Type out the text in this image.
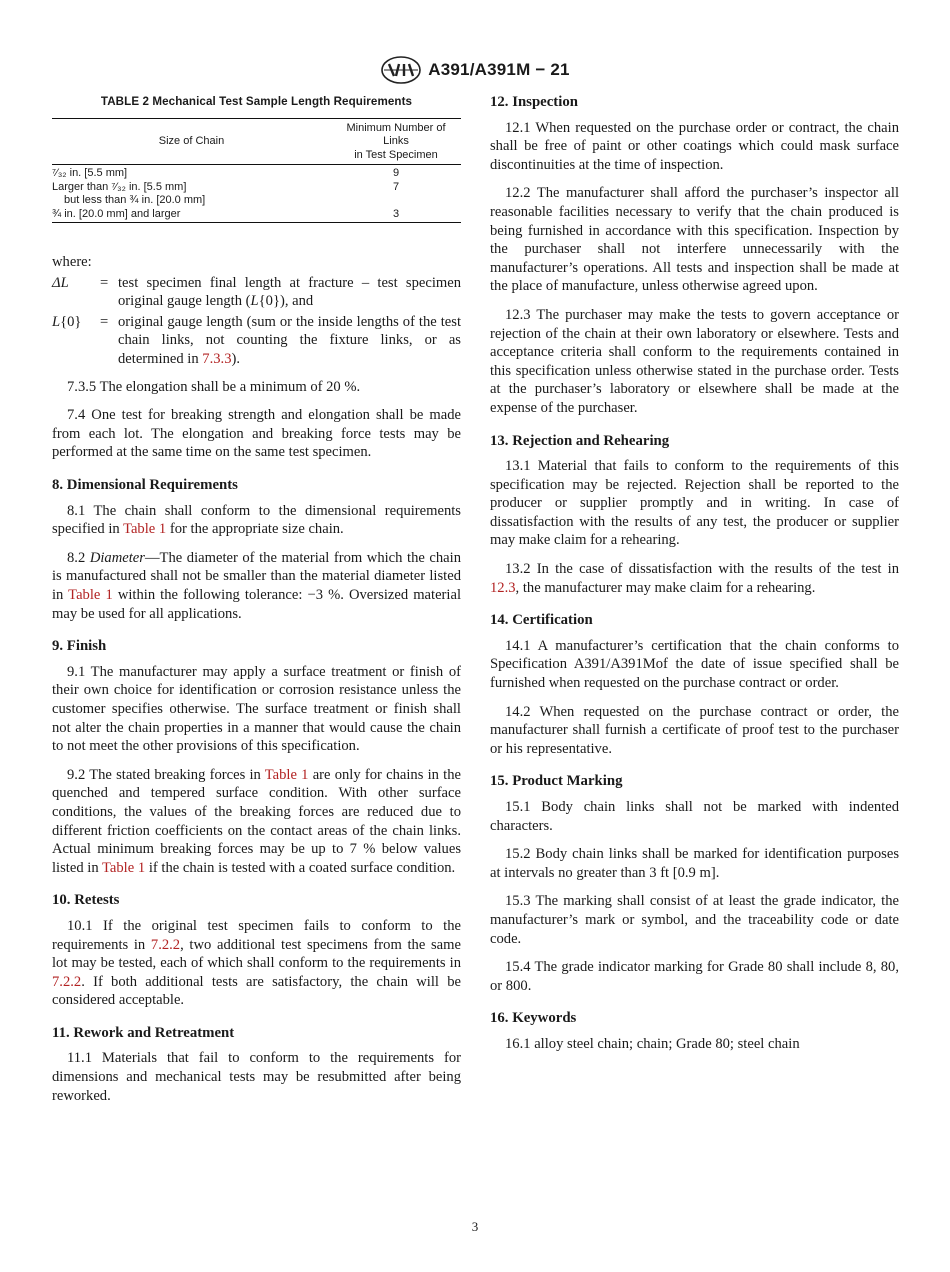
A391/A391M − 21
TABLE 2 Mechanical Test Sample Length Requirements
Size of Chain	Minimum Number of
Links
in Test Specimen
⁷⁄₃₂ in. [5.5 mm]	9
Larger than ⁷⁄₃₂ in. [5.5 mm]
but less than ¾ in. [20.0 mm]	7
¾ in. [20.0 mm] and larger	3

where:

ΔL	= test specimen final length at fracture – test specimen original gauge length (L{0}), and
L{0}	= original gauge length (sum or the inside lengths of the test chain links, not counting the fixture links, or as determined in 7.3.3).

7.3.5 The elongation shall be a minimum of 20 %.

7.4 One test for breaking strength and elongation shall be made from each lot. The elongation and breaking force tests may be performed at the same time on the same test specimen.

8. Dimensional Requirements

8.1 The chain shall conform to the dimensional requirements specified in Table 1 for the appropriate size chain.

8.2 Diameter—The diameter of the material from which the chain is manufactured shall not be smaller than the material diameter listed in Table 1 within the following tolerance: −3 %. Oversized material may be used for all applications.

9. Finish

9.1 The manufacturer may apply a surface treatment or finish of their own choice for identification or corrosion resistance unless the customer specifies otherwise. The surface treatment or finish shall not alter the chain properties in a manner that would cause the chain to not meet the other provisions of this specification.

9.2 The stated breaking forces in Table 1 are only for chains in the quenched and tempered surface condition. With other surface conditions, the values of the breaking forces are reduced due to different friction coefficients on the contact areas of the chain links. Actual minimum breaking forces may be up to 7 % below values listed in Table 1 if the chain is tested with a coated surface condition.

10. Retests

10.1 If the original test specimen fails to conform to the requirements in 7.2.2, two additional test specimens from the same lot may be tested, each of which shall conform to the requirements in 7.2.2. If both additional tests are satisfactory, the chain will be considered acceptable.

11. Rework and Retreatment

11.1 Materials that fail to conform to the requirements for dimensions and mechanical tests may be resubmitted after being reworked.

12. Inspection

12.1 When requested on the purchase order or contract, the chain shall be free of paint or other coatings which could mask surface discontinuities at the time of inspection.

12.2 The manufacturer shall afford the purchaser’s inspector all reasonable facilities necessary to verify that the chain produced is being furnished in accordance with this specification. Inspection by the purchaser shall not interfere unnecessarily with the manufacturer’s operations. All tests and inspection shall be made at the place of manufacture, unless otherwise agreed upon.

12.3 The purchaser may make the tests to govern acceptance or rejection of the chain at their own laboratory or elsewhere. Tests and acceptance criteria shall conform to the requirements contained in this specification unless otherwise stated in the purchase order. Tests at the purchaser’s laboratory or elsewhere shall be made at the expense of the purchaser.

13. Rejection and Rehearing

13.1 Material that fails to conform to the requirements of this specification may be rejected. Rejection shall be reported to the producer or supplier promptly and in writing. In case of dissatisfaction with the results of any test, the producer or supplier may make claim for a rehearing.

13.2 In the case of dissatisfaction with the results of the test in 12.3, the manufacturer may make claim for a rehearing.

14. Certification

14.1 A manufacturer’s certification that the chain conforms to Specification A391/A391Mof the date of issue specified shall be furnished when requested on the purchase contract or order.

14.2 When requested on the purchase contract or order, the manufacturer shall furnish a certificate of proof test to the purchaser or his representative.

15. Product Marking

15.1 Body chain links shall not be marked with indented characters.

15.2 Body chain links shall be marked for identification purposes at intervals no greater than 3 ft [0.9 m].

15.3 The marking shall consist of at least the grade indicator, the manufacturer’s mark or symbol, and the traceability code or date code.

15.4 The grade indicator marking for Grade 80 shall include 8, 80, or 800.

16. Keywords

16.1 alloy steel chain; chain; Grade 80; steel chain

3
